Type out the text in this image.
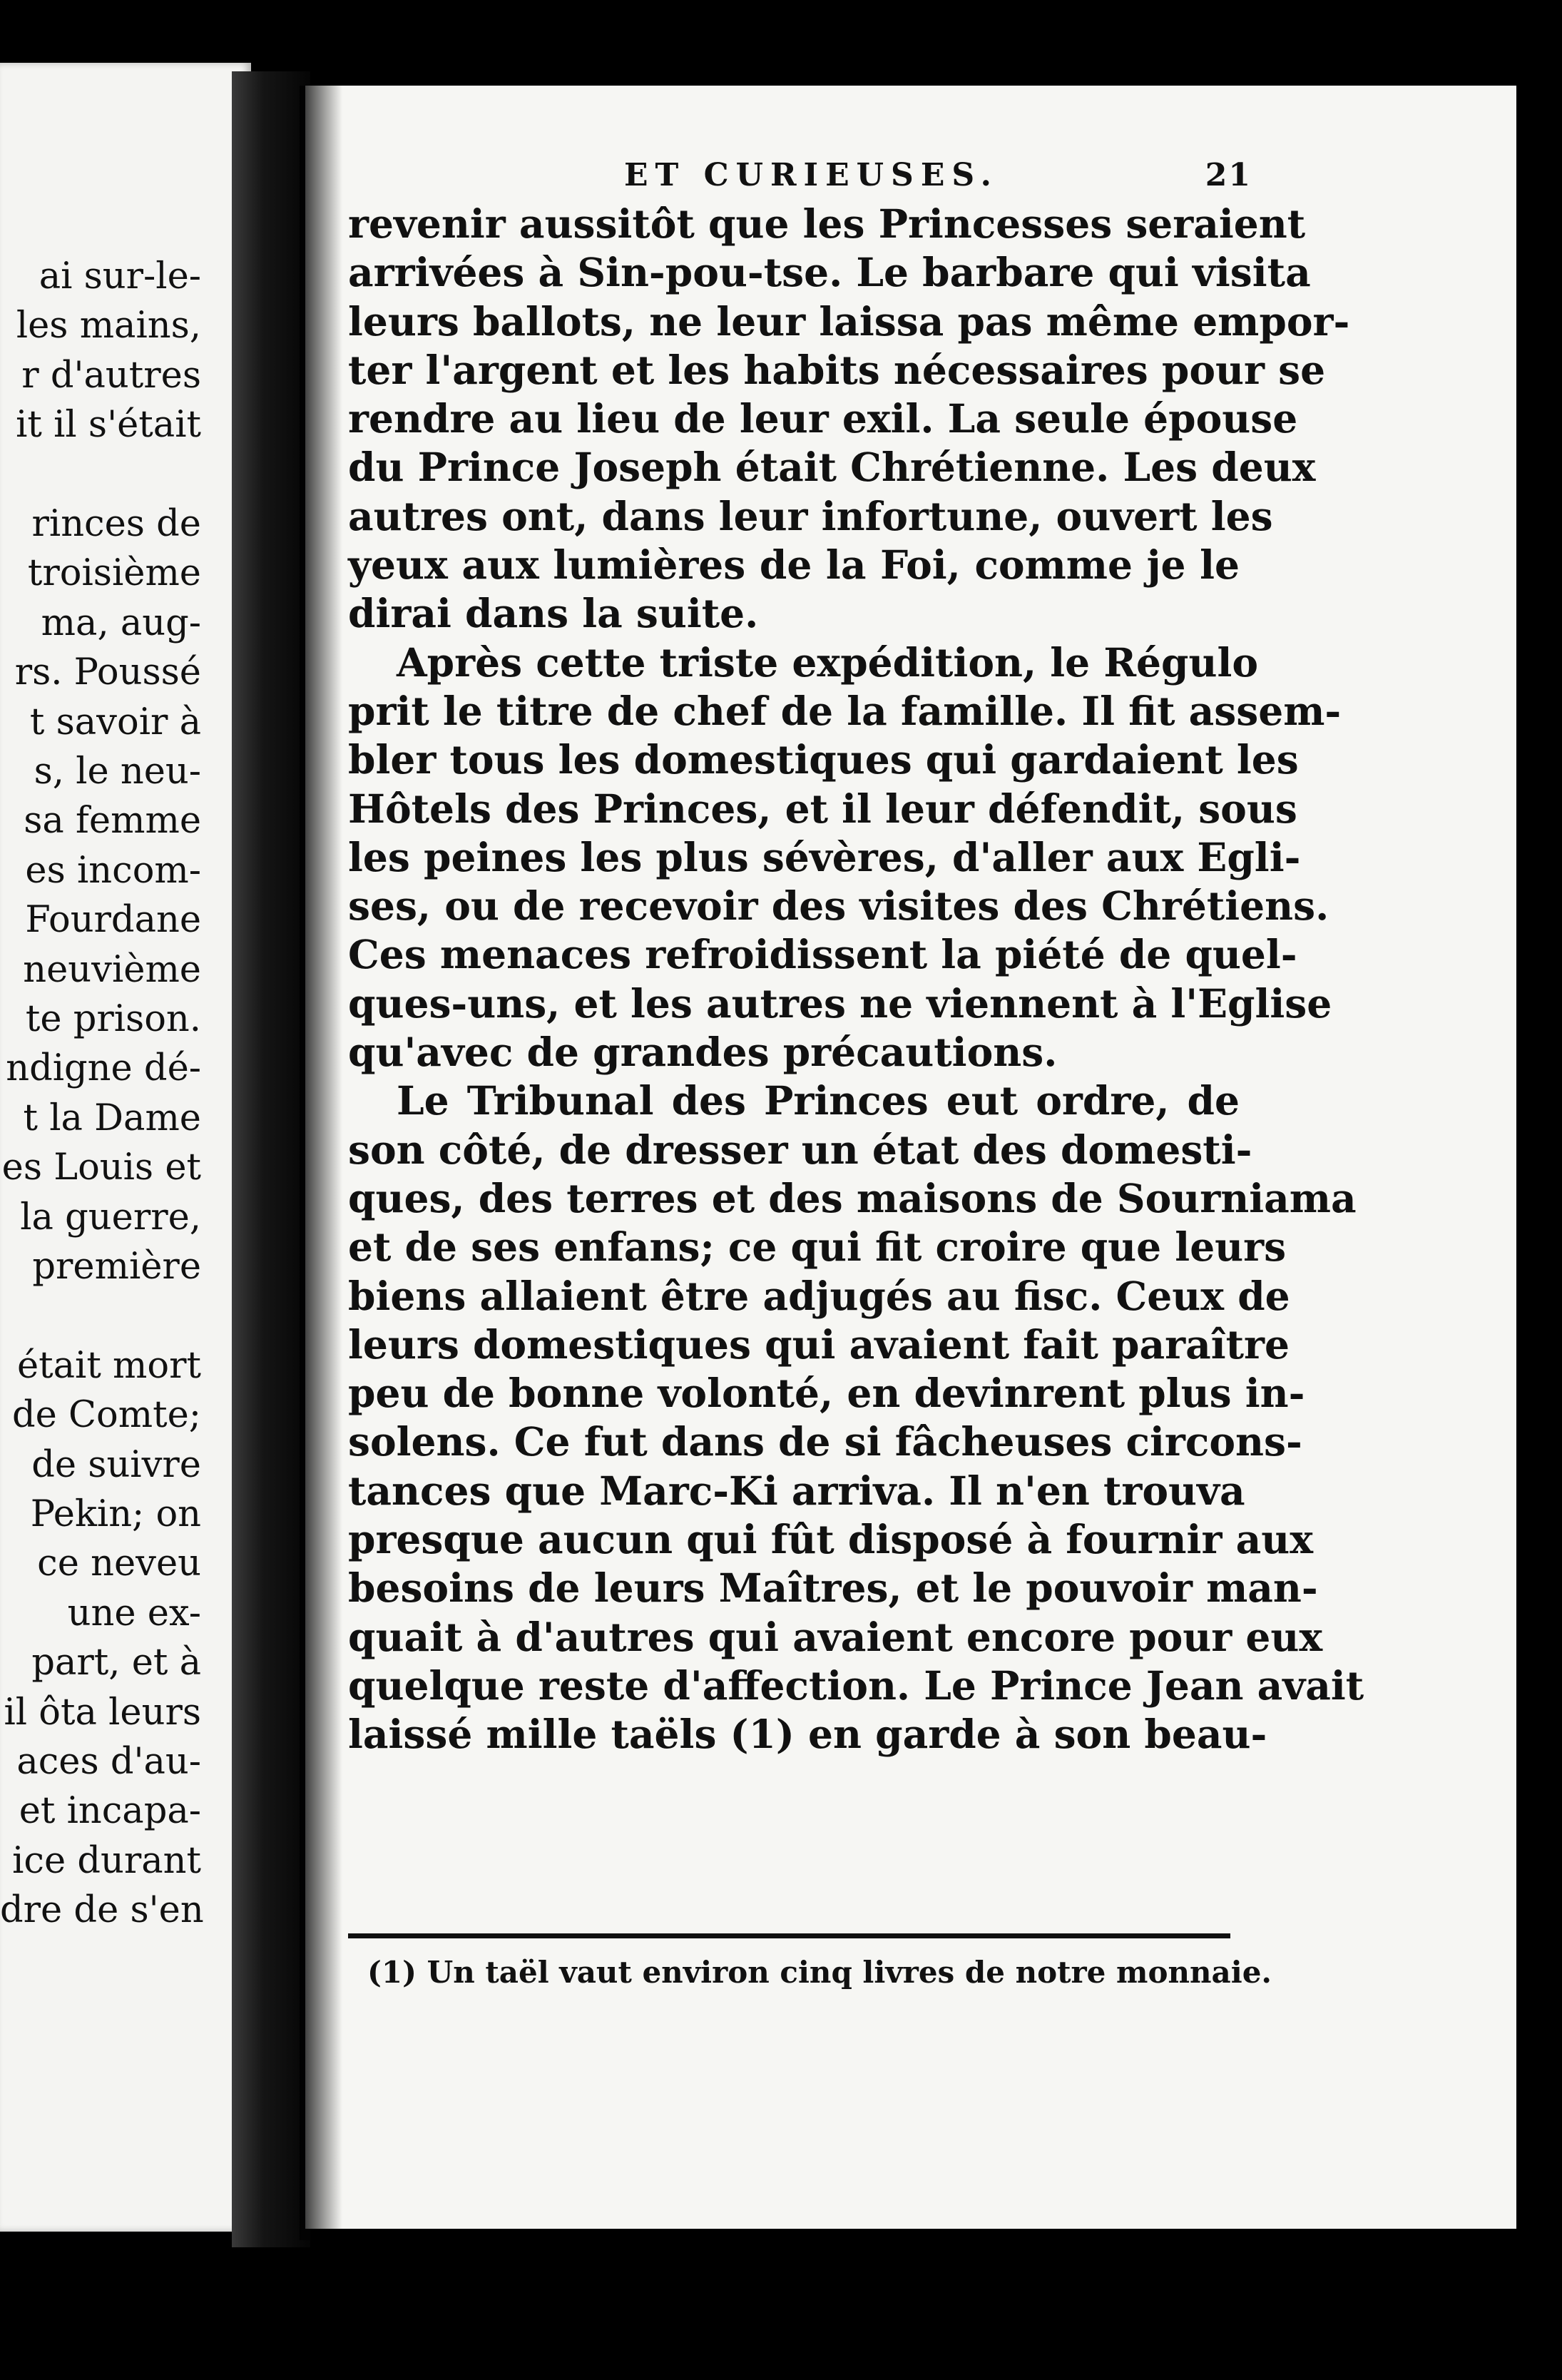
ai sur-le-
les mains,
r d'autres
it il s'était
rinces de
troisième
ma, aug-
rs. Poussé
t savoir à
s, le neu-
sa femme
es incom-
Fourdane
neuvième
te prison.
ndigne dé-
t la Dame
es Louis et
la guerre,
première
était mort
de Comte;
de suivre
Pekin; on
ce neveu
une ex-
part, et à
il ôta leurs
aces d'au-
et incapa-
ice durant
dre de s'en
ET CURIEUSES.	21
revenir aussitôt que les Princesses seraient
arrivées à Sin-pou-tse. Le barbare qui visita
leurs ballots, ne leur laissa pas même empor-
ter l'argent et les habits nécessaires pour se
rendre au lieu de leur exil. La seule épouse
du Prince Joseph était Chrétienne. Les deux
autres ont, dans leur infortune, ouvert les
yeux aux lumières de la Foi, comme je le
dirai dans la suite.
Après cette triste expédition, le Régulo
prit le titre de chef de la famille. Il fit assem-
bler tous les domestiques qui gardaient les
Hôtels des Princes, et il leur défendit, sous
les peines les plus sévères, d'aller aux Egli-
ses, ou de recevoir des visites des Chrétiens.
Ces menaces refroidissent la piété de quel-
ques-uns, et les autres ne viennent à l'Eglise
qu'avec de grandes précautions.
Le Tribunal des Princes eut ordre, de
son côté, de dresser un état des domesti-
ques, des terres et des maisons de Sourniama
et de ses enfans; ce qui fit croire que leurs
biens allaient être adjugés au fisc. Ceux de
leurs domestiques qui avaient fait paraître
peu de bonne volonté, en devinrent plus in-
solens. Ce fut dans de si fâcheuses circons-
tances que Marc-Ki arriva. Il n'en trouva
presque aucun qui fût disposé à fournir aux
besoins de leurs Maîtres, et le pouvoir man-
quait à d'autres qui avaient encore pour eux
quelque reste d'affection. Le Prince Jean avait
laissé mille taëls (1) en garde à son beau-
(1) Un taël vaut environ cinq livres de notre monnaie.
